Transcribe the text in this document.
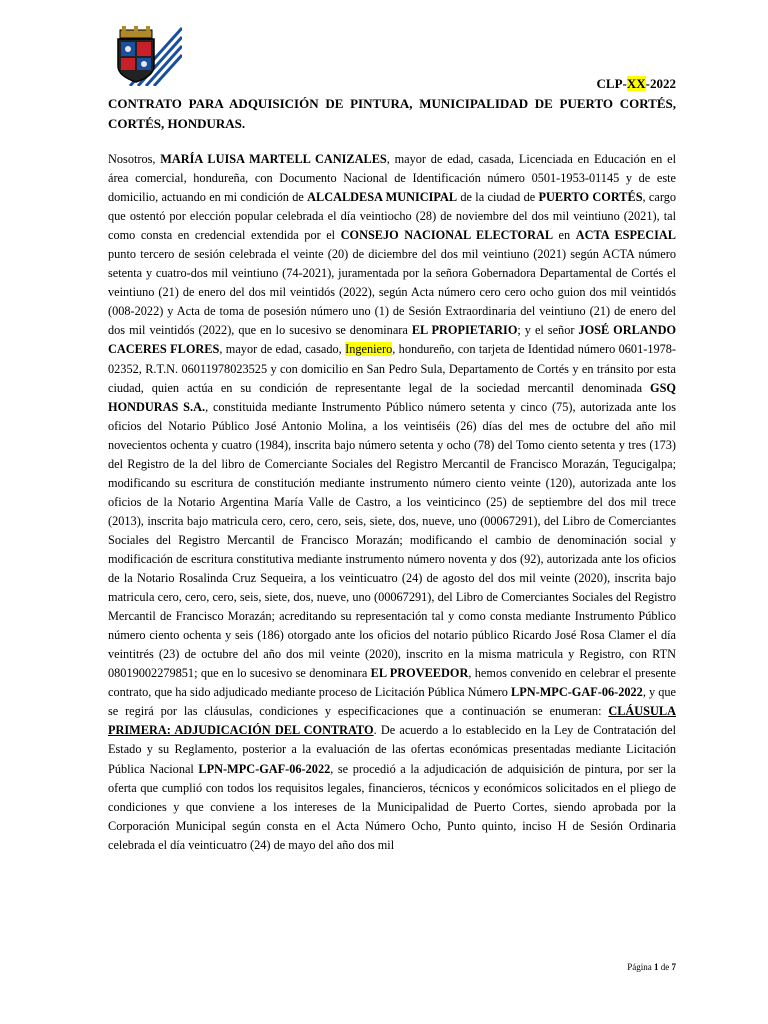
CLP-XX-2022
CONTRATO PARA ADQUISICIÓN DE PINTURA, MUNICIPALIDAD DE PUERTO CORTÉS, CORTÉS, HONDURAS.

Nosotros, MARÍA LUISA MARTELL CANIZALES, mayor de edad, casada, Licenciada en Educación en el área comercial, hondureña, con Documento Nacional de Identificación número 0501-1953-01145 y de este domicilio, actuando en mi condición de ALCALDESA MUNICIPAL de la ciudad de PUERTO CORTÉS, cargo que ostentó por elección popular celebrada el día veintiocho (28) de noviembre del dos mil veintiuno (2021), tal como consta en credencial extendida por el CONSEJO NACIONAL ELECTORAL en ACTA ESPECIAL punto tercero de sesión celebrada el veinte (20) de diciembre del dos mil veintiuno (2021) según ACTA número setenta y cuatro-dos mil veintiuno (74-2021), juramentada por la señora Gobernadora Departamental de Cortés el veintiuno (21) de enero del dos mil veintidós (2022), según Acta número cero cero ocho guion dos mil veintidós (008-2022) y Acta de toma de posesión número uno (1) de Sesión Extraordinaria del veintiuno (21) de enero del dos mil veintidós (2022), que en lo sucesivo se denominara EL PROPIETARIO; y el señor JOSÉ ORLANDO CACERES FLORES, mayor de edad, casado, Ingeniero, hondureño, con tarjeta de Identidad número 0601-1978-02352, R.T.N. 06011978023525 y con domicilio en San Pedro Sula, Departamento de Cortés y en tránsito por esta ciudad, quien actúa en su condición de representante legal de la sociedad mercantil denominada GSQ HONDURAS S.A., constituida mediante Instrumento Público número setenta y cinco (75), autorizada ante los oficios del Notario Público José Antonio Molina, a los veintiséis (26) días del mes de octubre del año mil novecientos ochenta y cuatro (1984), inscrita bajo número setenta y ocho (78) del Tomo ciento setenta y tres (173) del Registro de la del libro de Comerciante Sociales del Registro Mercantil de Francisco Morazán, Tegucigalpa; modificando su escritura de constitución mediante instrumento número ciento veinte (120), autorizada ante los oficios de la Notario Argentina María Valle de Castro, a los veinticinco (25) de septiembre del dos mil trece (2013), inscrita bajo matricula cero, cero, cero, seis, siete, dos, nueve, uno (00067291), del Libro de Comerciantes Sociales del Registro Mercantil de Francisco Morazán; modificando el cambio de denominación social y modificación de escritura constitutiva mediante instrumento número noventa y dos (92), autorizada ante los oficios de la Notario Rosalinda Cruz Sequeira, a los veinticuatro (24) de agosto del dos mil veinte (2020), inscrita bajo matricula cero, cero, cero, seis, siete, dos, nueve, uno (00067291), del Libro de Comerciantes Sociales del Registro Mercantil de Francisco Morazán; acreditando su representación tal y como consta mediante Instrumento Público número ciento ochenta y seis (186) otorgado ante los oficios del notario público Ricardo José Rosa Clamer el día veintitrés (23) de octubre del año dos mil veinte (2020), inscrito en la misma matricula y Registro, con RTN 08019002279851; que en lo sucesivo se denominara EL PROVEEDOR, hemos convenido en celebrar el presente contrato, que ha sido adjudicado mediante proceso de Licitación Pública Número LPN-MPC-GAF-06-2022, y que se regirá por las cláusulas, condiciones y especificaciones que a continuación se enumeran: CLÁUSULA PRIMERA: ADJUDICACIÓN DEL CONTRATO. De acuerdo a lo establecido en la Ley de Contratación del Estado y su Reglamento, posterior a la evaluación de las ofertas económicas presentadas mediante Licitación Pública Nacional LPN-MPC-GAF-06-2022, se procedió a la adjudicación de adquisición de pintura, por ser la oferta que cumplió con todos los requisitos legales, financieros, técnicos y económicos solicitados en el pliego de condiciones y que conviene a los intereses de la Municipalidad de Puerto Cortes, siendo aprobada por la Corporación Municipal según consta en el Acta Número Ocho, Punto quinto, inciso H de Sesión Ordinaria celebrada el día veinticuatro (24) de mayo del año dos mil

Página 1 de 7
